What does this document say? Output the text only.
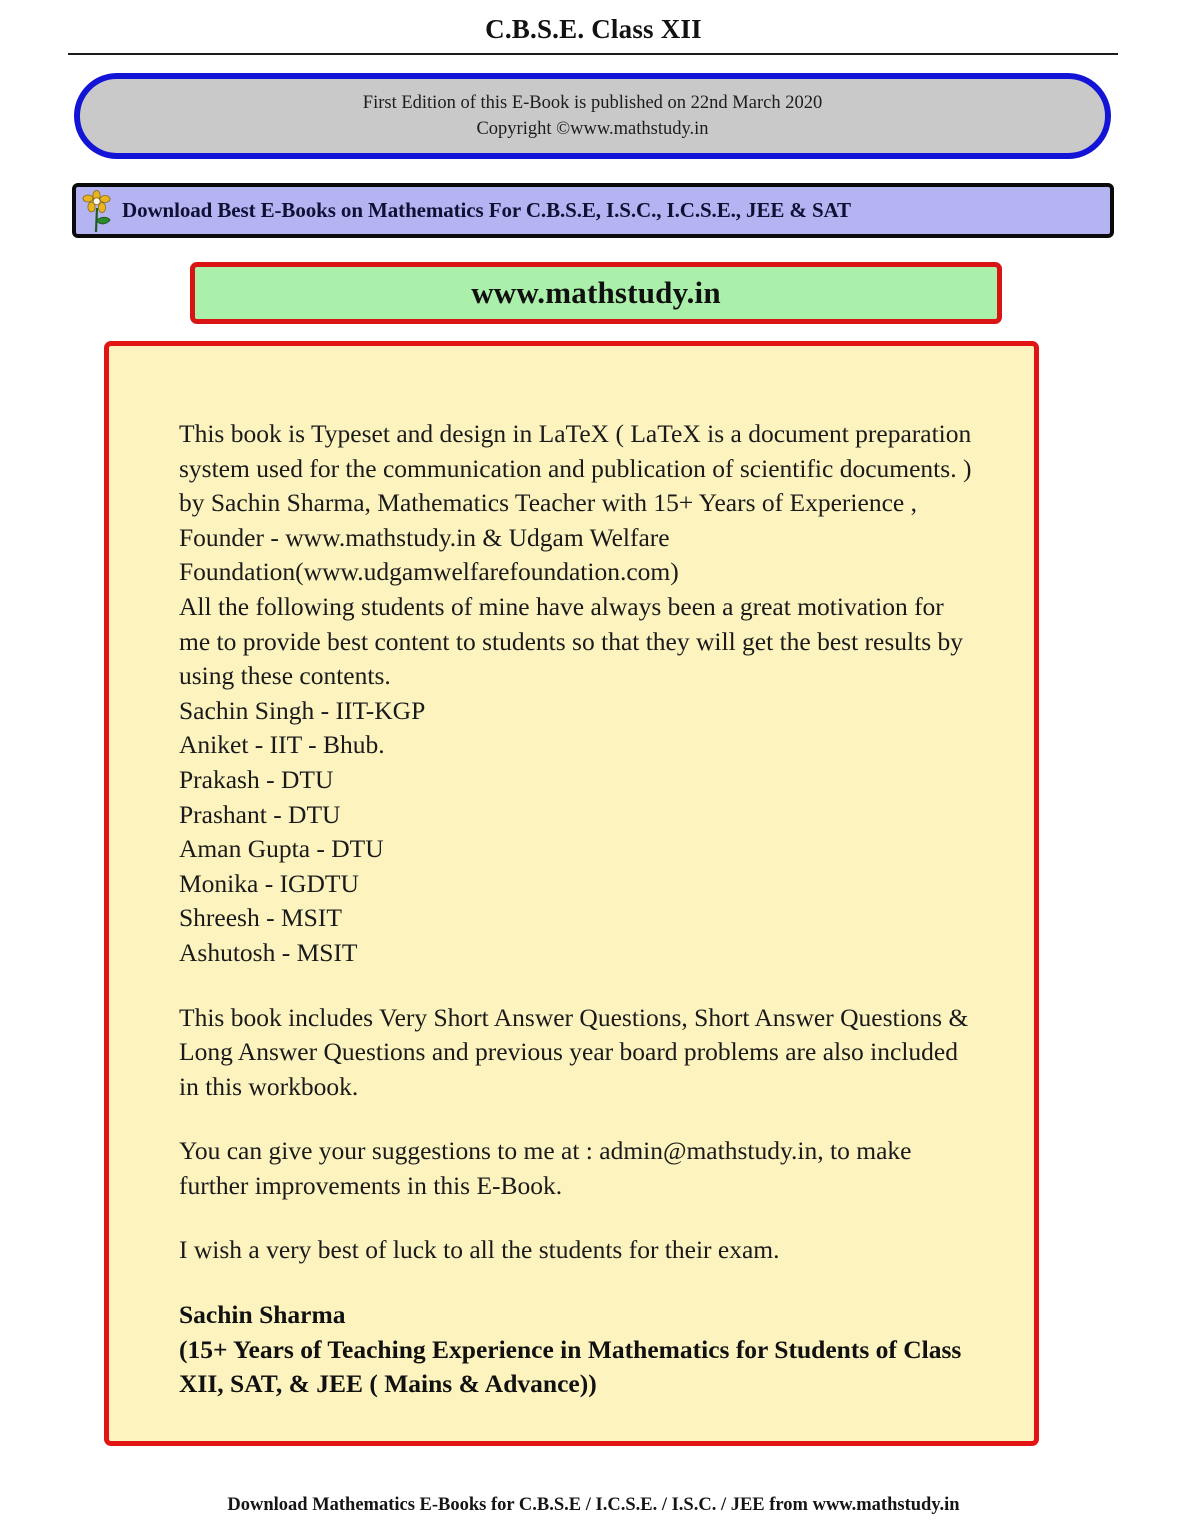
C.B.S.E. Class XII
First Edition of this E-Book is published on 22nd March 2020
Copyright ©www.mathstudy.in
Download Best E-Books on Mathematics For C.B.S.E, I.S.C., I.C.S.E., JEE & SAT
www.mathstudy.in

This book is Typeset and design in LaTeX ( LaTeX is a document preparation system used for the communication and publication of scientific documents. ) by Sachin Sharma, Mathematics Teacher with 15+ Years of Experience , Founder - www.mathstudy.in & Udgam Welfare Foundation(www.udgamwelfarefoundation.com)

All the following students of mine have always been a great motivation for me to provide best content to students so that they will get the best results by using these contents.

Sachin Singh - IIT-KGP
Aniket - IIT - Bhub.
Prakash - DTU
Prashant - DTU
Aman Gupta - DTU
Monika - IGDTU
Shreesh - MSIT
Ashutosh - MSIT

This book includes Very Short Answer Questions, Short Answer Questions & Long Answer Questions and previous year board problems are also included in this workbook.

You can give your suggestions to me at : admin@mathstudy.in, to make further improvements in this E-Book.

I wish a very best of luck to all the students for their exam.

Sachin Sharma

(15+ Years of Teaching Experience in Mathematics for Students of Class XII, SAT, & JEE ( Mains & Advance))

Download Mathematics E-Books for C.B.S.E / I.C.S.E. / I.S.C. / JEE from www.mathstudy.in
